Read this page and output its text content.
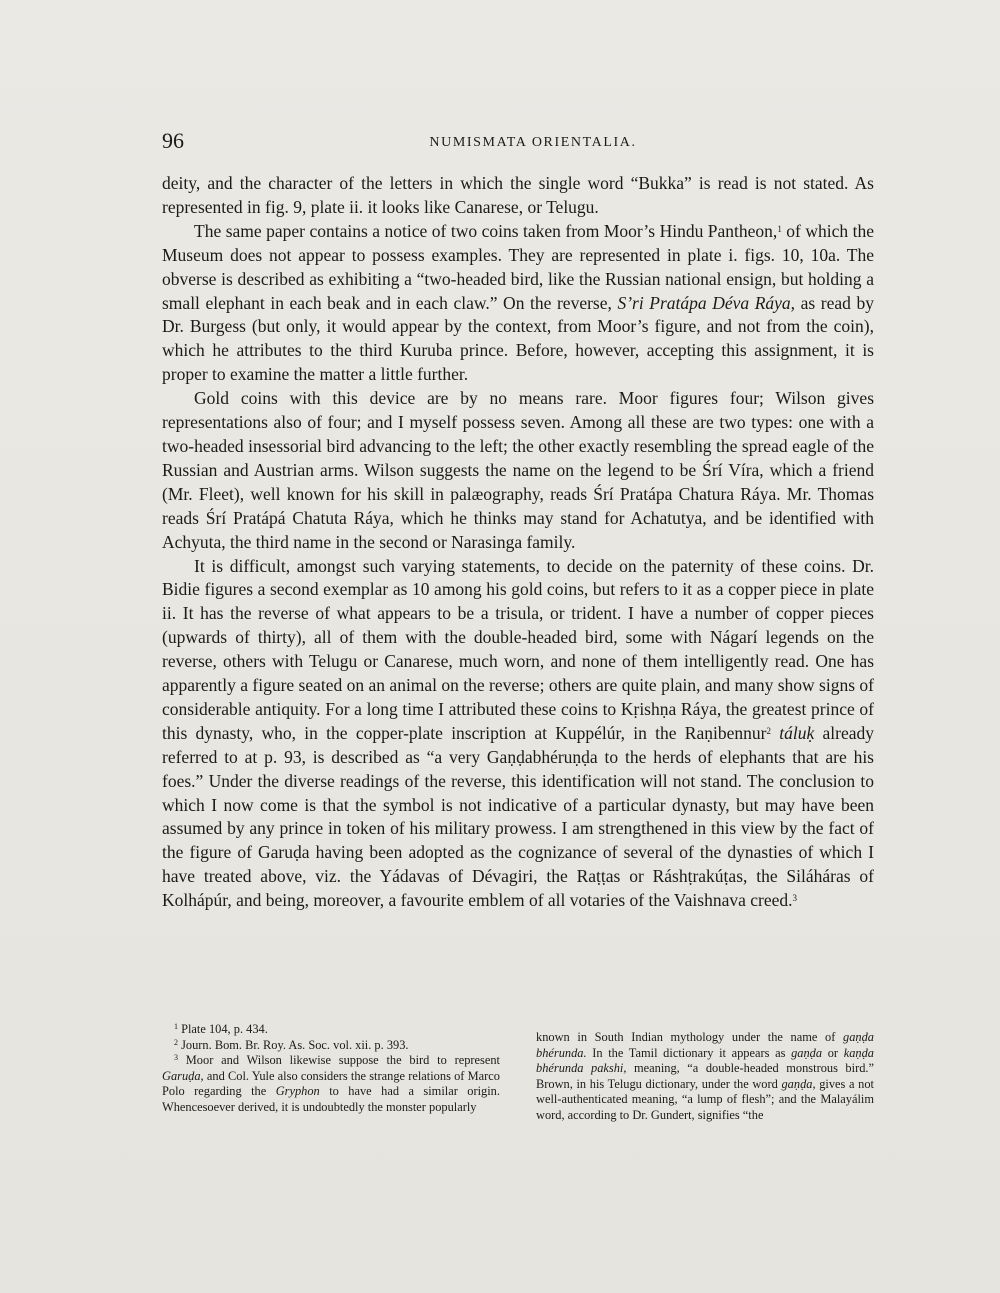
96	NUMISMATA ORIENTALIA.

deity, and the character of the letters in which the single word “Bukka” is read is not stated. As represented in fig. 9, plate ii. it looks like Canarese, or Telugu.

The same paper contains a notice of two coins taken from Moor’s Hindu Pantheon,$^1$ of which the Museum does not appear to possess examples. They are represented in plate i. figs. 10, 10a. The obverse is described as exhibiting a “two-headed bird, like the Russian national ensign, but holding a small elephant in each beak and in each claw.” On the reverse, S’ri Pratápa Déva Ráya, as read by Dr. Burgess (but only, it would appear by the context, from Moor’s figure, and not from the coin), which he attributes to the third Kuruba prince. Before, however, accepting this assignment, it is proper to examine the matter a little further.

Gold coins with this device are by no means rare. Moor figures four; Wilson gives representations also of four; and I myself possess seven. Among all these are two types: one with a two-headed insessorial bird advancing to the left; the other exactly resembling the spread eagle of the Russian and Austrian arms. Wilson suggests the name on the legend to be Śrí Víra, which a friend (Mr. Fleet), well known for his skill in palæography, reads Śrí Pratápa Chatura Ráya. Mr. Thomas reads Śrí Pratápá Chatuta Ráya, which he thinks may stand for Achatutya, and be identified with Achyuta, the third name in the second or Narasinga family.

It is difficult, amongst such varying statements, to decide on the paternity of these coins. Dr. Bidie figures a second exemplar as 10 among his gold coins, but refers to it as a copper piece in plate ii. It has the reverse of what appears to be a trisula, or trident. I have a number of copper pieces (upwards of thirty), all of them with the double-headed bird, some with Nágarí legends on the reverse, others with Telugu or Canarese, much worn, and none of them intelligently read. One has apparently a figure seated on an animal on the reverse; others are quite plain, and many show signs of considerable antiquity. For a long time I attributed these coins to Kṛishṇa Ráya, the greatest prince of this dynasty, who, in the copper-plate inscription at Kuppélúr, in the Raṇibennur$^2$ táluḳ already referred to at p. 93, is described as “a very Gaṇḍabhéruṇḍa to the herds of elephants that are his foes.” Under the diverse readings of the reverse, this identification will not stand. The conclusion to which I now come is that the symbol is not indicative of a particular dynasty, but may have been assumed by any prince in token of his military prowess. I am strengthened in this view by the fact of the figure of Garuḍa having been adopted as the cognizance of several of the dynasties of which I have treated above, viz. the Yádavas of Dévagiri, the Raṭṭas or Ráshṭrakúṭas, the Siláháras of Kolhápúr, and being, moreover, a favourite emblem of all votaries of the Vaishnava creed.$^3$

$^1$ Plate 104, p. 434.

$^2$ Journ. Bom. Br. Roy. As. Soc. vol. xii. p. 393.

$^3$ Moor and Wilson likewise suppose the bird to represent Garuḍa, and Col. Yule also considers the strange relations of Marco Polo regarding the Gryphon to have had a similar origin. Whencesoever derived, it is undoubtedly the monster popularly

known in South Indian mythology under the name of gaṇḍa bhérunda. In the Tamil dictionary it appears as gaṇḍa or kaṇḍa bhérunda pakshi, meaning, “a double-headed monstrous bird.” Brown, in his Telugu dictionary, under the word gaṇḍa, gives a not well-authenticated meaning, “a lump of flesh”; and the Malayálim word, according to Dr. Gundert, signifies “the
